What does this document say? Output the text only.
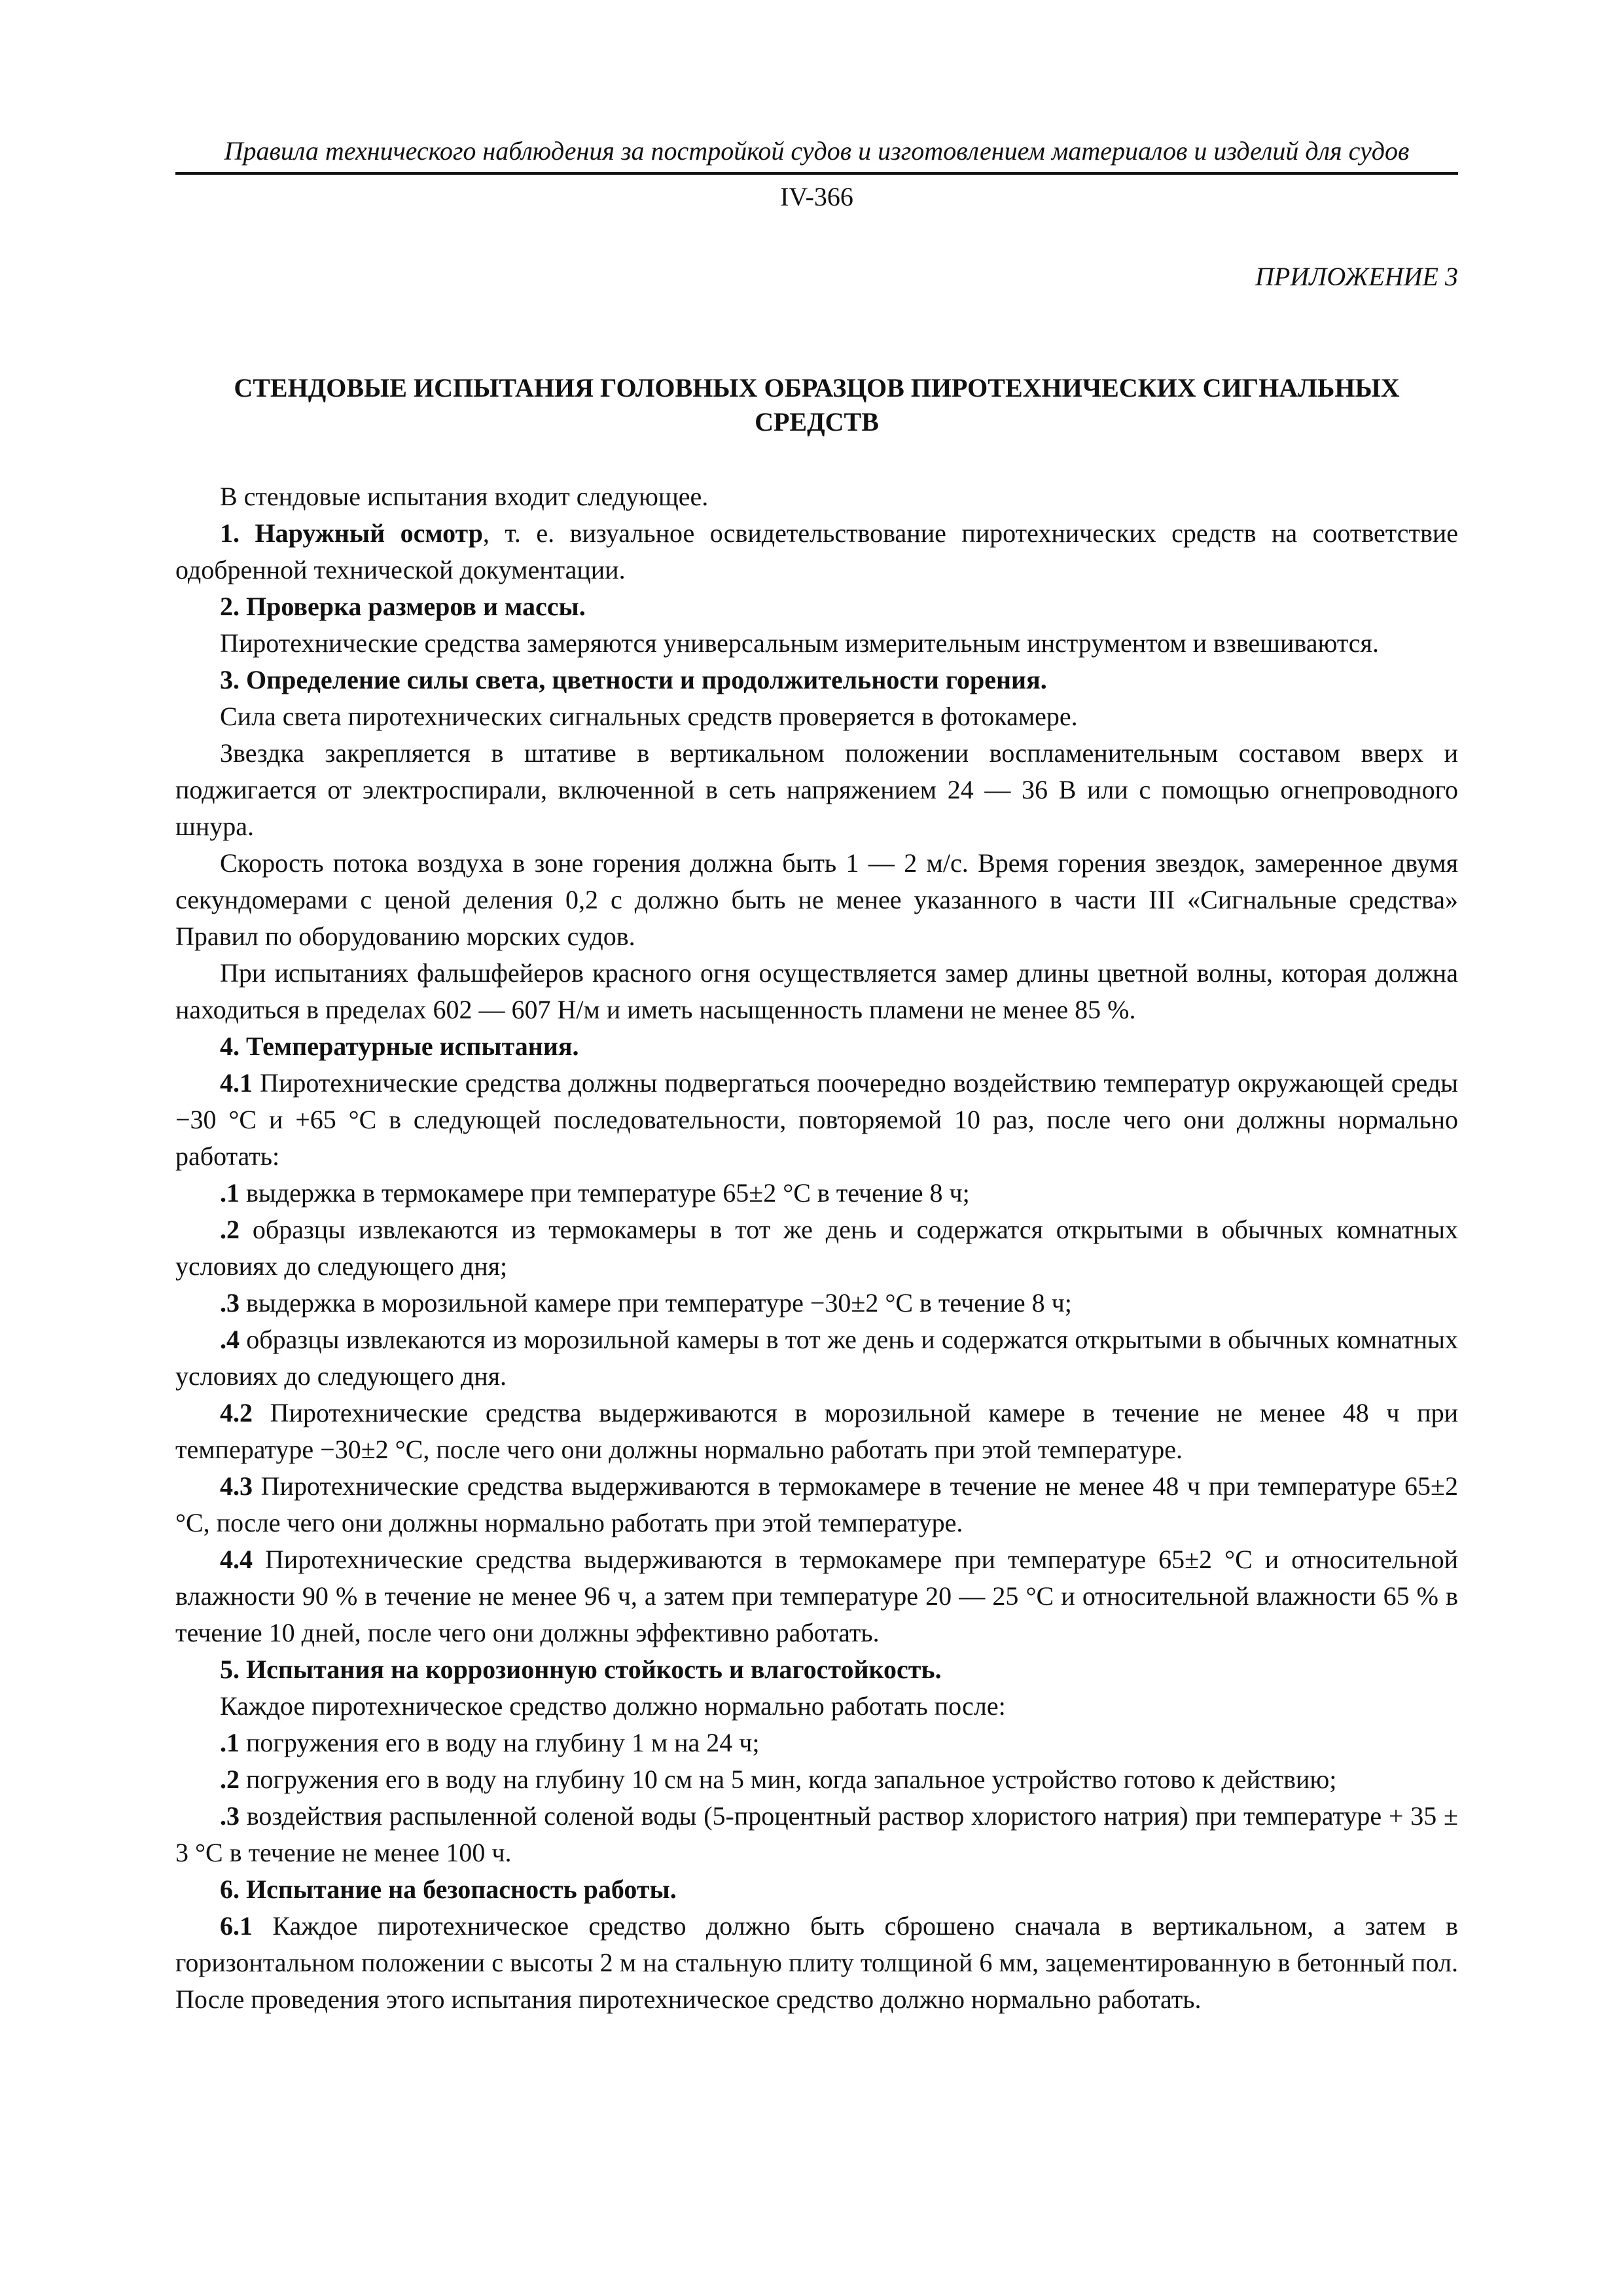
Правила технического наблюдения за постройкой судов и изготовлением материалов и изделий для судов
IV-366
ПРИЛОЖЕНИЕ 3
СТЕНДОВЫЕ ИСПЫТАНИЯ ГОЛОВНЫХ ОБРАЗЦОВ ПИРОТЕХНИЧЕСКИХ СИГНАЛЬНЫХ СРЕДСТВ

В стендовые испытания входит следующее.

1. Наружный осмотр, т. е. визуальное освидетельствование пиротехнических средств на соответствие одобренной технической документации.

2. Проверка размеров и массы.

Пиротехнические средства замеряются универсальным измерительным инструментом и взвешиваются.

3. Определение силы света, цветности и продолжительности горения.

Сила света пиротехнических сигнальных средств проверяется в фотокамере.

Звездка закрепляется в штативе в вертикальном положении воспламенительным составом вверх и поджигается от электроспирали, включенной в сеть напряжением 24 — 36 В или с помощью огнепроводного шнура.

Скорость потока воздуха в зоне горения должна быть 1 — 2 м/с. Время горения звездок, замеренное двумя секундомерами с ценой деления 0,2 с должно быть не менее указанного в части III «Сигнальные средства» Правил по оборудованию морских судов.

При испытаниях фальшфейеров красного огня осуществляется замер длины цветной волны, которая должна находиться в пределах 602 — 607 Н/м и иметь насыщенность пламени не менее 85 %.

4. Температурные испытания.

4.1 Пиротехнические средства должны подвергаться поочередно воздействию температур окружающей среды −30 °С и +65 °С в следующей последовательности, повторяемой 10 раз, после чего они должны нормально работать:

.1 выдержка в термокамере при температуре 65±2 °С в течение 8 ч;

.2 образцы извлекаются из термокамеры в тот же день и содержатся открытыми в обычных комнатных условиях до следующего дня;

.3 выдержка в морозильной камере при температуре −30±2 °С в течение 8 ч;

.4 образцы извлекаются из морозильной камеры в тот же день и содержатся открытыми в обычных комнатных условиях до следующего дня.

4.2 Пиротехнические средства выдерживаются в морозильной камере в течение не менее 48 ч при температуре −30±2 °С, после чего они должны нормально работать при этой температуре.

4.3 Пиротехнические средства выдерживаются в термокамере в течение не менее 48 ч при температуре 65±2 °С, после чего они должны нормально работать при этой температуре.

4.4 Пиротехнические средства выдерживаются в термокамере при температуре 65±2 °С и относительной влажности 90 % в течение не менее 96 ч, а затем при температуре 20 — 25 °С и относительной влажности 65 % в течение 10 дней, после чего они должны эффективно работать.

5. Испытания на коррозионную стойкость и влагостойкость.

Каждое пиротехническое средство должно нормально работать после:

.1 погружения его в воду на глубину 1 м на 24 ч;

.2 погружения его в воду на глубину 10 см на 5 мин, когда запальное устройство готово к действию;

.3 воздействия распыленной соленой воды (5-процентный раствор хлористого натрия) при температуре + 35 ± 3 °С в течение не менее 100 ч.

6. Испытание на безопасность работы.

6.1 Каждое пиротехническое средство должно быть сброшено сначала в вертикальном, а затем в горизонтальном положении с высоты 2 м на стальную плиту толщиной 6 мм, зацементированную в бетонный пол. После проведения этого испытания пиротехническое средство должно нормально работать.
